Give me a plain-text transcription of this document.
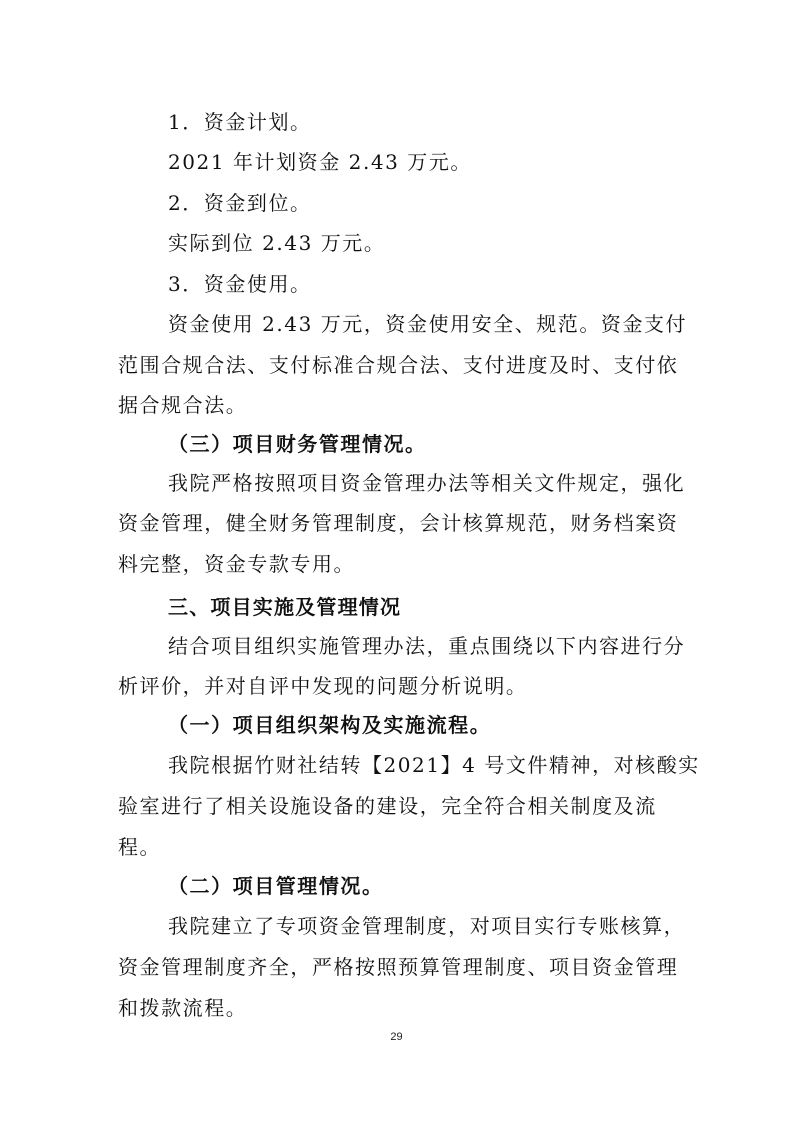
1．资金计划。
2021 年计划资金 2.43 万元。
2．资金到位。
实际到位 2.43 万元。
3．资金使用。
资金使用 2.43 万元，资金使用安全、规范。资金支付
范围合规合法、支付标准合规合法、支付进度及时、支付依
据合规合法。
（三）项目财务管理情况。
我院严格按照项目资金管理办法等相关文件规定，强化
资金管理，健全财务管理制度，会计核算规范，财务档案资
料完整，资金专款专用。
三、项目实施及管理情况
结合项目组织实施管理办法，重点围绕以下内容进行分
析评价，并对自评中发现的问题分析说明。
（一）项目组织架构及实施流程。
我院根据竹财社结转【2021】4 号文件精神，对核酸实
验室进行了相关设施设备的建设，完全符合相关制度及流
程。
（二）项目管理情况。
我院建立了专项资金管理制度，对项目实行专账核算，
资金管理制度齐全，严格按照预算管理制度、项目资金管理
和拨款流程。
29
